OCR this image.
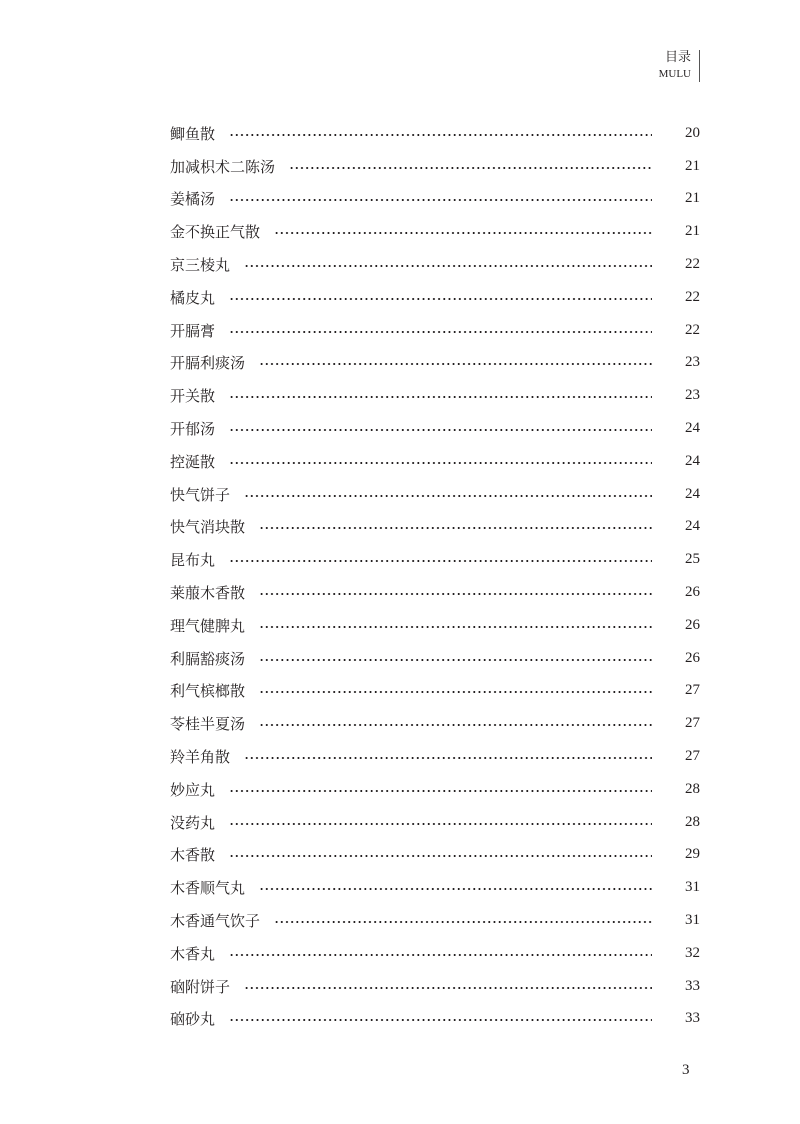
目录
MULU
鲫鱼散	20
加减枳术二陈汤	21
姜橘汤	21
金不换正气散	21
京三棱丸	22
橘皮丸	22
开膈膏	22
开膈利痰汤	23
开关散	23
开郁汤	24
控涎散	24
快气饼子	24
快气消块散	24
昆布丸	25
莱菔木香散	26
理气健脾丸	26
利膈豁痰汤	26
利气槟榔散	27
苓桂半夏汤	27
羚羊角散	27
妙应丸	28
没药丸	28
木香散	29
木香顺气丸	31
木香通气饮子	31
木香丸	32
硇附饼子	33
硇砂丸	33
3
